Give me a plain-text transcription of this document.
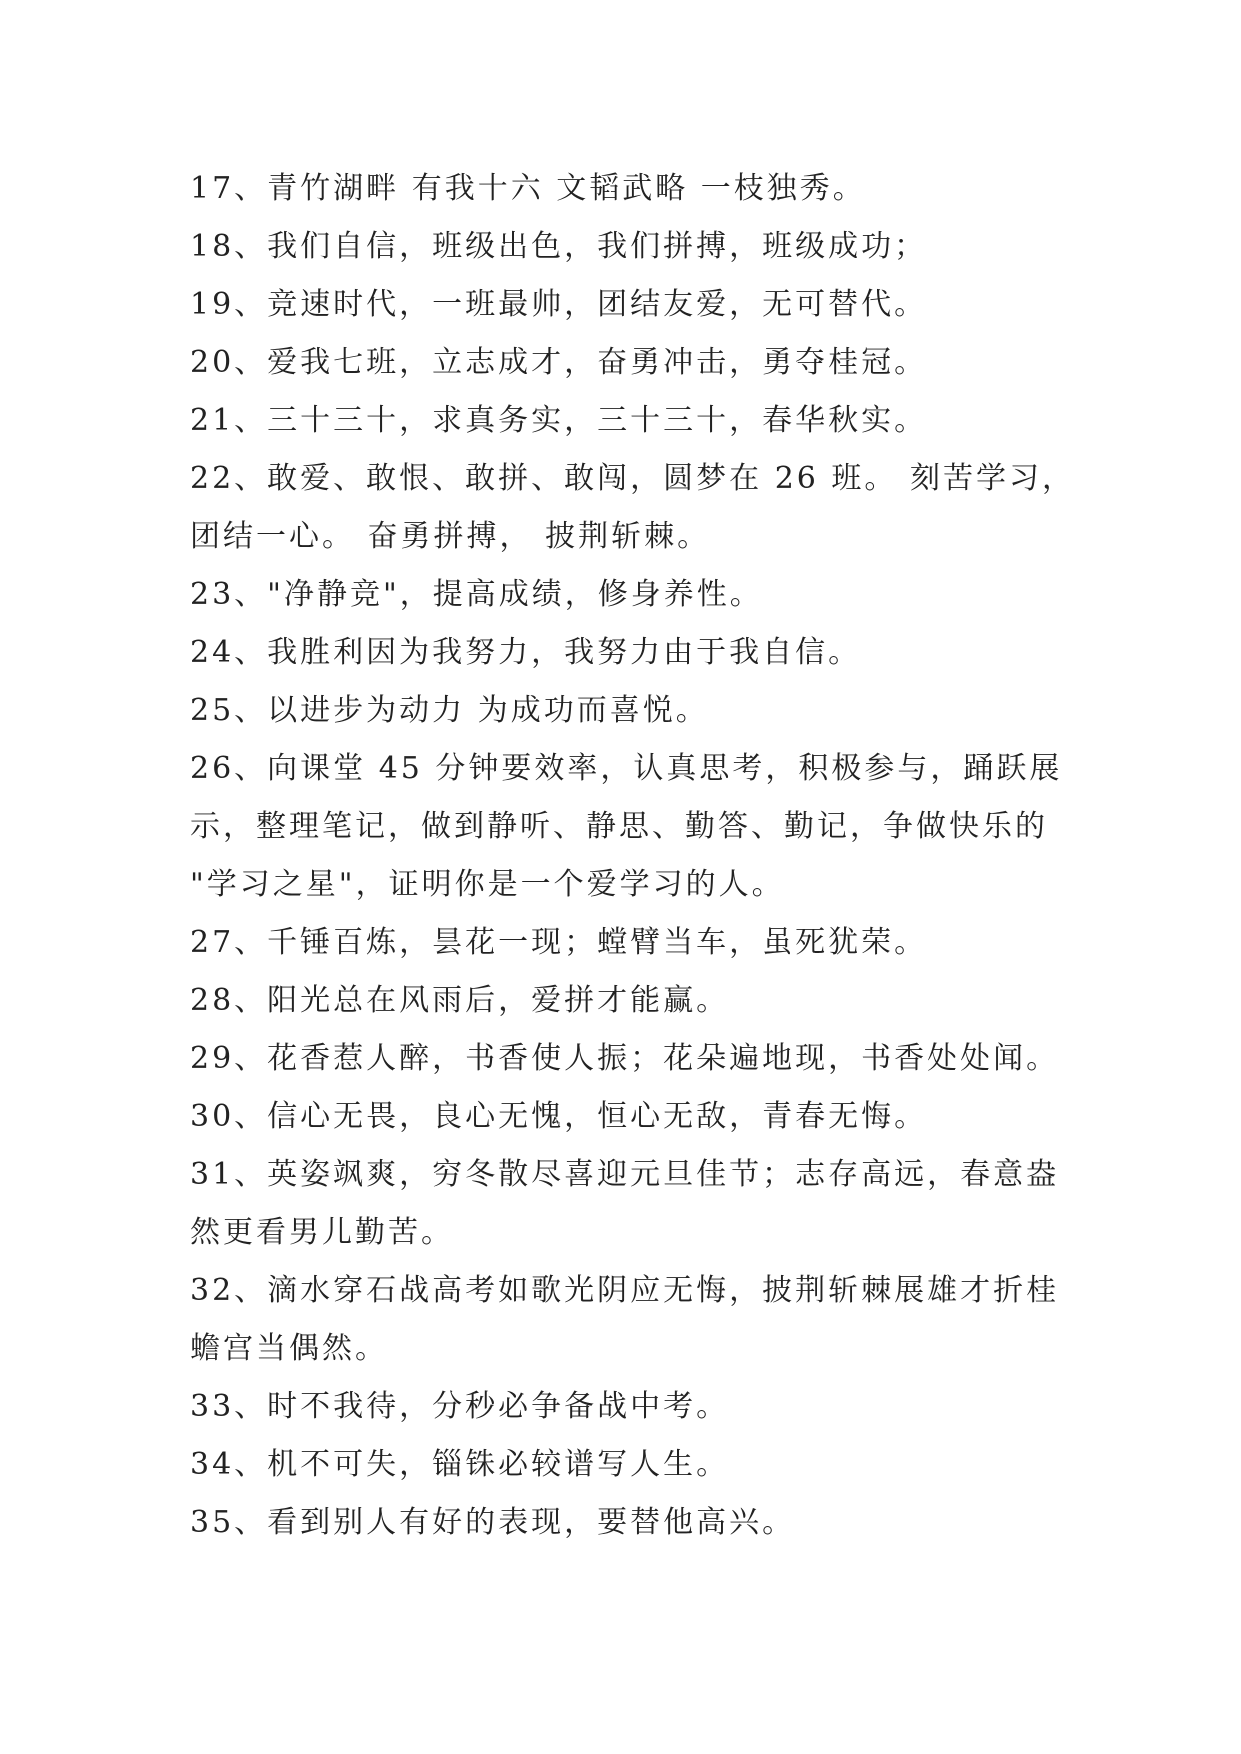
17、青竹湖畔 有我十六 文韬武略 一枝独秀。
18、我们自信，班级出色，我们拼搏，班级成功；
19、竞速时代，一班最帅，团结友爱，无可替代。
20、爱我七班，立志成才，奋勇冲击，勇夺桂冠。
21、三十三十，求真务实，三十三十，春华秋实。
22、敢爱、敢恨、敢拼、敢闯，圆梦在 26 班。 刻苦学习，
团结一心。 奋勇拼搏， 披荆斩棘。
23、"净静竞"，提高成绩，修身养性。
24、我胜利因为我努力，我努力由于我自信。
25、以进步为动力 为成功而喜悦。
26、向课堂 45 分钟要效率，认真思考，积极参与，踊跃展
示，整理笔记，做到静听、静思、勤答、勤记，争做快乐的
"学习之星"，证明你是一个爱学习的人。
27、千锤百炼，昙花一现；螳臂当车，虽死犹荣。
28、阳光总在风雨后，爱拼才能赢。
29、花香惹人醉，书香使人振；花朵遍地现，书香处处闻。
30、信心无畏，良心无愧，恒心无敌，青春无悔。
31、英姿飒爽，穷冬散尽喜迎元旦佳节；志存高远，春意盎
然更看男儿勤苦。
32、滴水穿石战高考如歌光阴应无悔，披荆斩棘展雄才折桂
蟾宫当偶然。
33、时不我待，分秒必争备战中考。
34、机不可失，锱铢必较谱写人生。
35、看到别人有好的表现，要替他高兴。
